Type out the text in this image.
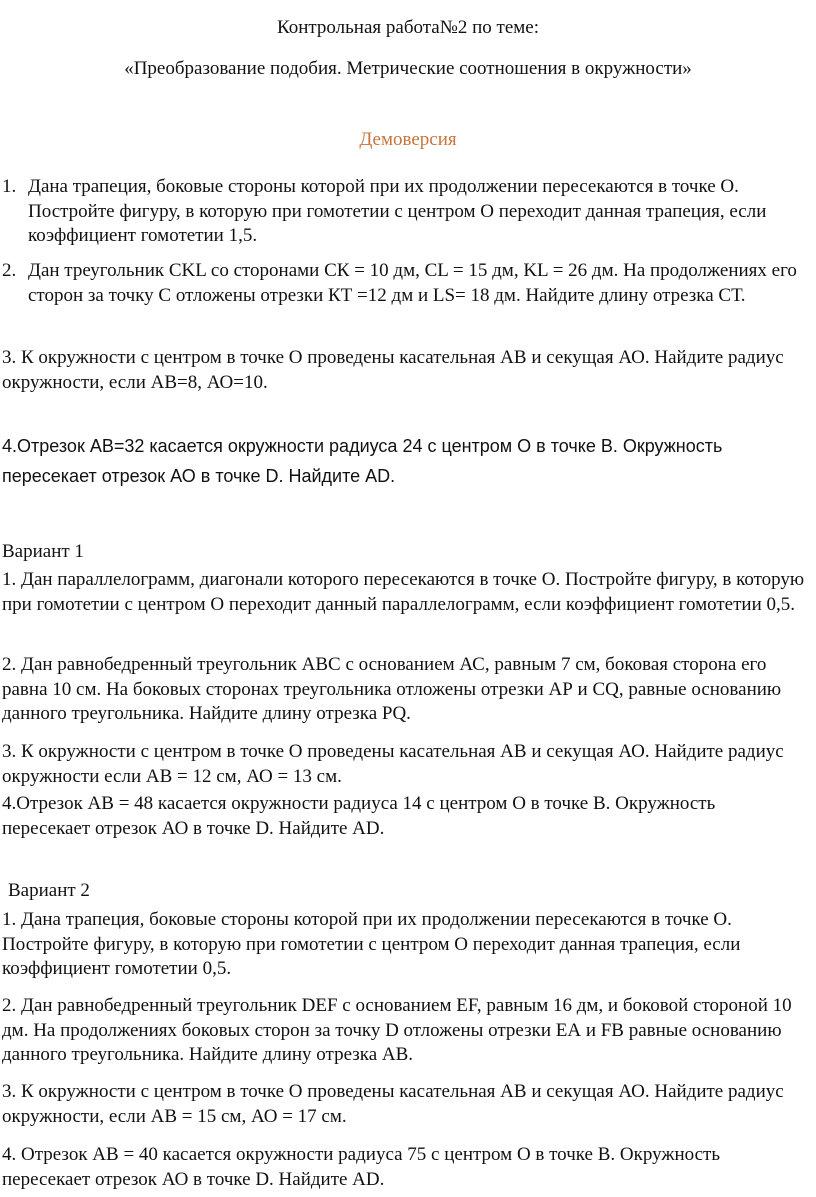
Контрольная работа№2 по теме:
«Преобразование подобия. Метрические соотношения в окружности»
Демоверсия
1. Дана трапеция, боковые стороны которой при их продолжении пересекаются в точке О. Постройте фигуру, в которую при гомотетии с центром О переходит данная трапеция, если коэффициент гомотетии 1,5.
2. Дан треугольник CKL со сторонами СК = 10 дм, CL = 15 дм, KL = 26 дм. На продолжениях его сторон за точку С отложены отрезки КТ =12 дм и LS= 18 дм. Найдите длину отрезка СТ.
3. К окружности с центром в точке О проведены касательная АВ и секущая АО. Найдите радиус окружности, если АВ=8, АО=10.
4.Отрезок АВ=32 касается окружности радиуса 24 с центром О в точке В. Окружность пересекает отрезок АО в точке D. Найдите АD.
Вариант 1
1. Дан параллелограмм, диагонали которого пересекаются в точке О. Постройте фигуру, в которую при гомотетии с центром О переходит данный параллелограмм, если коэффициент гомотетии 0,5.
2. Дан равнобедренный треугольник АВС с основанием АС, равным 7 см, боковая сторона его равна 10 см. На боковых сторонах треугольника отложены отрезки АР и CQ, равные основанию данного треугольника. Найдите длину отрезка PQ.
3. К окружности с центром в точке О проведены касательная АВ и секущая АО. Найдите радиус окружности если АВ = 12 см, АО = 13 см.
4.Отрезок АВ = 48 касается окружности радиуса 14 с центром О в точке В. Окружность пересекает отрезок АО в точке D. Найдите АD.
Вариант 2
1. Дана трапеция, боковые стороны которой при их продолжении пересекаются в точке О. Постройте фигуру, в которую при гомотетии с центром О переходит данная трапеция, если коэффициент гомотетии 0,5.
2. Дан равнобедренный треугольник DEF с основанием EF, равным 16 дм, и боковой стороной 10 дм. На продолжениях боковых сторон за точку D отложены отрезки ЕА и FB равные основанию данного треугольника. Найдите длину отрезка АВ.
3. К окружности с центром в точке О проведены касательная АВ и секущая АО. Найдите радиус окружности, если АВ = 15 см, АО = 17 см.
4. Отрезок АВ = 40 касается окружности радиуса 75 с центром О в точке В. Окружность пересекает отрезок АО в точке D. Найдите АD.
